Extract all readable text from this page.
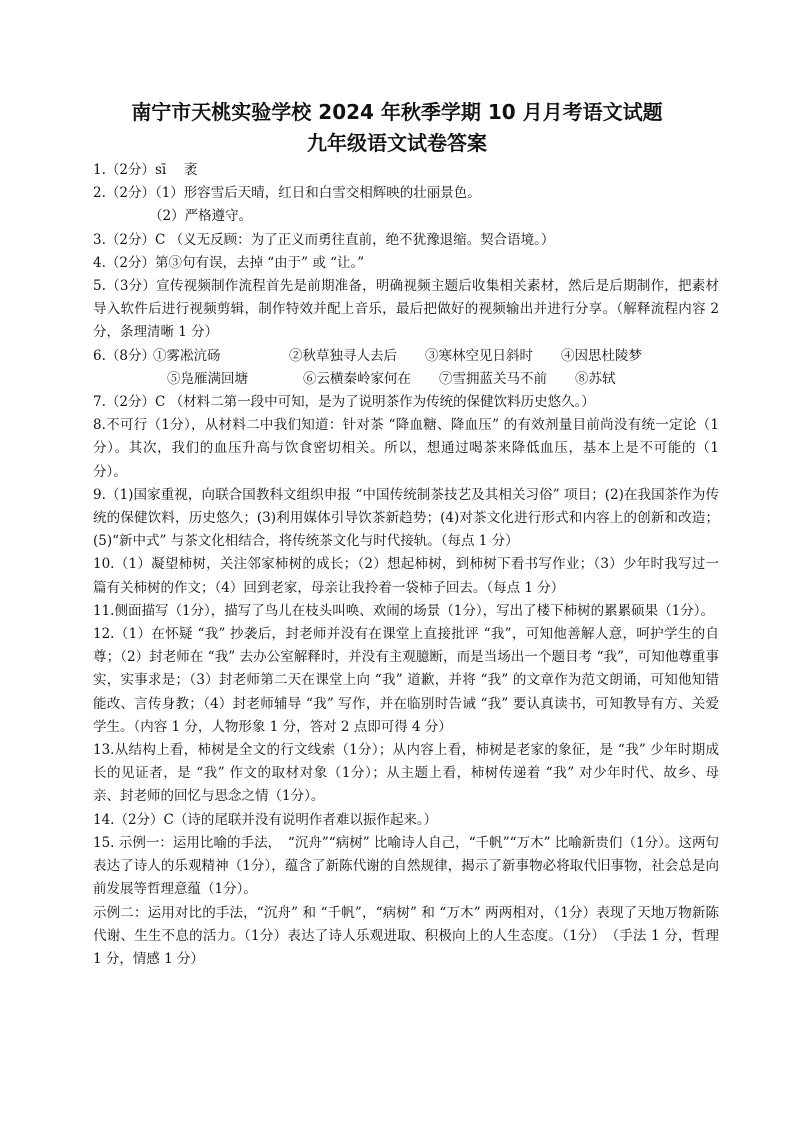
南宁市天桃实验学校 2024 年秋季学期 10 月月考语文试题
九年级语文试卷答案

1.（2分）sī　 袤

2.（2分）（1）形容雪后天晴，红日和白雪交相辉映的壮丽景色。

（2）严格遵守。

3.（2分）C （义无反顾：为了正义而勇往直前，绝不犹豫退缩。契合语境。）

4.（2分）第③句有误，去掉 “由于” 或 “让。”

5.（3分）宣传视频制作流程首先是前期准备，明确视频主题后收集相关素材，然后是后期制作，把素材导入软件后进行视频剪辑，制作特效并配上音乐，最后把做好的视频输出并进行分享。（解释流程内容 2 分，条理清晰 1 分）

6.（8分）
①雾凇沆砀	②秋草独寻人去后	③寒林空见日斜时	④因思杜陵梦
⑤凫雁满回塘	⑥云横秦岭家何在	⑦雪拥蓝关马不前	⑧苏轼

7.（2分）C （材料二第一段中可知，是为了说明茶作为传统的保健饮料历史悠久。）

8.不可行（1分），从材料二中我们知道：针对茶 “降血糖、降血压” 的有效剂量目前尚没有统一定论（1分）。其次，我们的血压升高与饮食密切相关。所以，想通过喝茶来降低血压，基本上是不可能的（1分）。

9.（1)国家重视，向联合国教科文组织申报 “中国传统制茶技艺及其相关习俗” 项目；(2)在我国茶作为传统的保健饮料，历史悠久；(3)利用媒体引导饮茶新趋势；(4)对茶文化进行形式和内容上的创新和改造；(5)“新中式” 与茶文化相结合，将传统茶文化与时代接轨。（每点 1 分）

10.（1）凝望柿树，关注邻家柿树的成长；（2）想起柿树，到柿树下看书写作业；（3）少年时我写过一篇有关柿树的作文；（4）回到老家，母亲让我拎着一袋柿子回去。（每点 1 分）

11.侧面描写（1分），描写了鸟儿在枝头叫唤、欢闹的场景（1分），写出了楼下柿树的累累硕果（1分）。

12.（1）在怀疑 “我” 抄袭后，封老师并没有在课堂上直接批评 “我”，可知他善解人意，呵护学生的自尊；（2）封老师在 “我” 去办公室解释时，并没有主观臆断，而是当场出一个题目考 “我”，可知他尊重事实，实事求是；（3）封老师第二天在课堂上向 “我” 道歉，并将 “我” 的文章作为范文朗诵，可知他知错能改、言传身教；（4）封老师辅导 “我” 写作，并在临别时告诫 “我” 要认真读书，可知教导有方、关爱学生。（内容 1 分，人物形象 1 分，答对 2 点即可得 4 分）

13.从结构上看，柿树是全文的行文线索（1分）；从内容上看，柿树是老家的象征，是 “我” 少年时期成长的见证者，是 “我” 作文的取材对象（1分）；从主题上看，柿树传递着 “我” 对少年时代、故乡、母亲、封老师的回忆与思念之情（1分）。

14.（2分）C（诗的尾联并没有说明作者难以振作起来。）

15. 示例一：运用比喻的手法，　“沉舟”“病树” 比喻诗人自己，“千帆”“万木” 比喻新贵们（1分）。这两句表达了诗人的乐观精神（1分），蕴含了新陈代谢的自然规律，揭示了新事物必将取代旧事物，社会总是向前发展等哲理意蕴（1分）。

示例二：运用对比的手法，“沉舟” 和 “千帆”，“病树” 和 “万木” 两两相对，（1分）表现了天地万物新陈代谢、生生不息的活力。（1分）表达了诗人乐观进取、积极向上的人生态度。（1分）　（手法 1 分，哲理 1 分，情感 1 分）
